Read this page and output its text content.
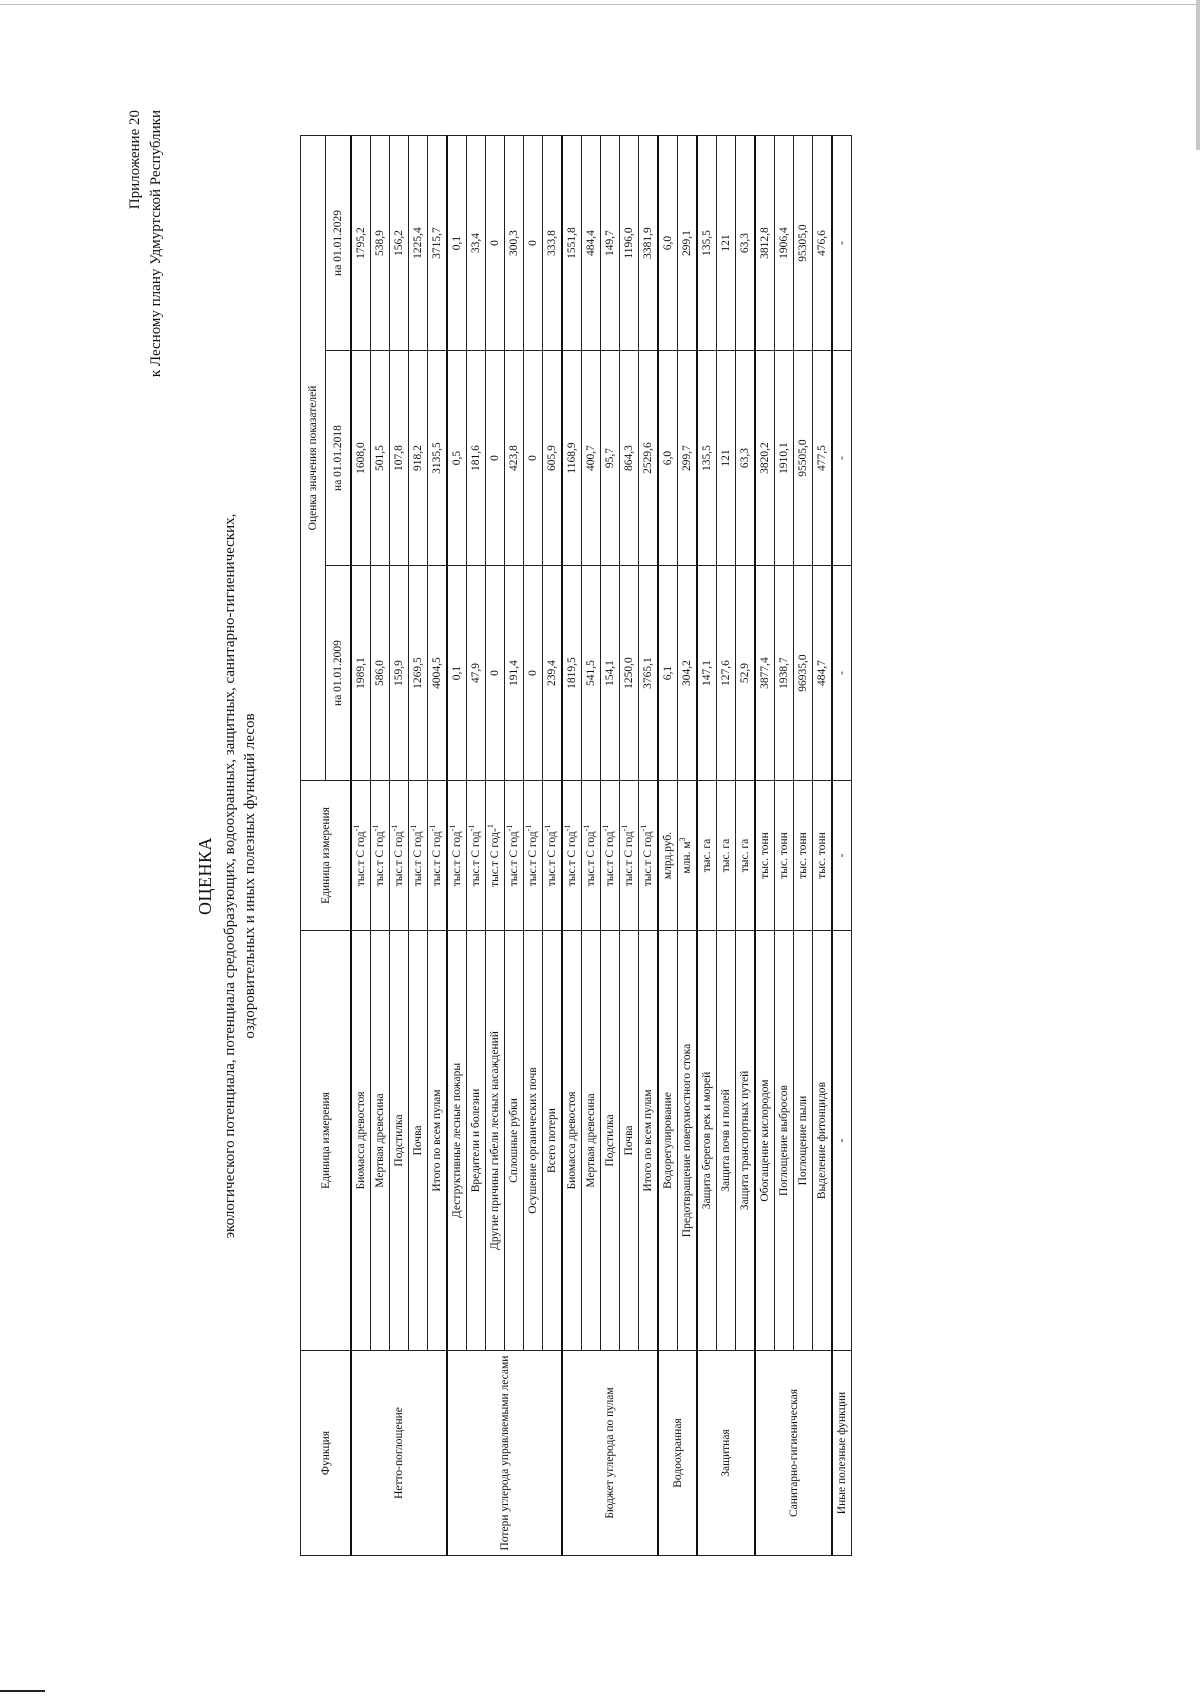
Приложение 20 к Лесному плану Удмуртской Республики
ОЦЕНКА экологического потенциала, потенциала средообразующих, водоохранных, защитных, санитарно-гигиенических, оздоровительных и иных полезных функций лесов
Функция	Единица измерения	Единица измерения	Оценка значения показателей		
			на 01.01.2009	на 01.01.2018	на 01.01.2029
Нетто-поглощение	Биомасса древостоя	тыс.т С год$^{-1}$	1989,1	1608,0	1795,2
	Мертвая древесина	тыс.т С год$^{-1}$	586,0	501,5	538,9
	Подстилка	тыс.т С год$^{-1}$	159,9	107,8	156,2
	Почва	тыс.т С год$^{-1}$	1269,5	918,2	1225,4
	Итого по всем пулам	тыс.т С год$^{-1}$	4004,5	3135,5	3715,7
Потери углерода управляемыми лесами	Деструктивные лесные пожары	тыс.т С год$^{-1}$	0,1	0,5	0,1
	Вредители и болезни	тыс.т С год$^{-1}$	47,9	181,6	33,4
	Другие причины гибели лесных насаждений	тыс.т С год-$^1$	0	0	0
	Сплошные рубки	тыс.т С год$^{-1}$	191,4	423,8	300,3
	Осушение органических почв	тыс.т С год$^{-1}$	0	0	0
	Всего потери	тыс.т С год$^{-1}$	239,4	605,9	333,8
Бюджет углерода по пулам	Биомасса древостоя	тыс.т С год$^{-1}$	1819,5	1168,9	1551,8
	Мертвая древесина	тыс.т С год$^{-1}$	541,5	400,7	484,4
	Подстилка	тыс.т С год$^{-1}$	154,1	95,7	149,7
	Почва	тыс.т С год$^{-1}$	1250,0	864,3	1196,0
	Итого по всем пулам	тыс.т С год$^{-1}$	3765,1	2529,6	3381,9
Водоохранная	Водорегулирование	млрд.руб.	6,1	6,0	6,0
	Предотвращение поверхностного стока	млн. $м^3$	304,2	299,7	299,1
Защитная	Защита берегов рек и морей	тыс. га	147,1	135,5	135,5
	Защита почв и полей	тыс. га	127,6	121	121
	Защита транспортных путей	тыс. га	52,9	63,3	63,3
Санитарно-гигиеническая	Обогащение кислородом	тыс. тонн	3877,4	3820,2	3812,8
	Поглощение выбросов	тыс. тонн	1938,7	1910,1	1906,4
	Поглощение пыли	тыс. тонн	96935,0	95505,0	95305,0
	Выделение фитонцидов	тыс. тонн	484,7	477,5	476,6
Иные полезные функции	-	-	-	-	-
